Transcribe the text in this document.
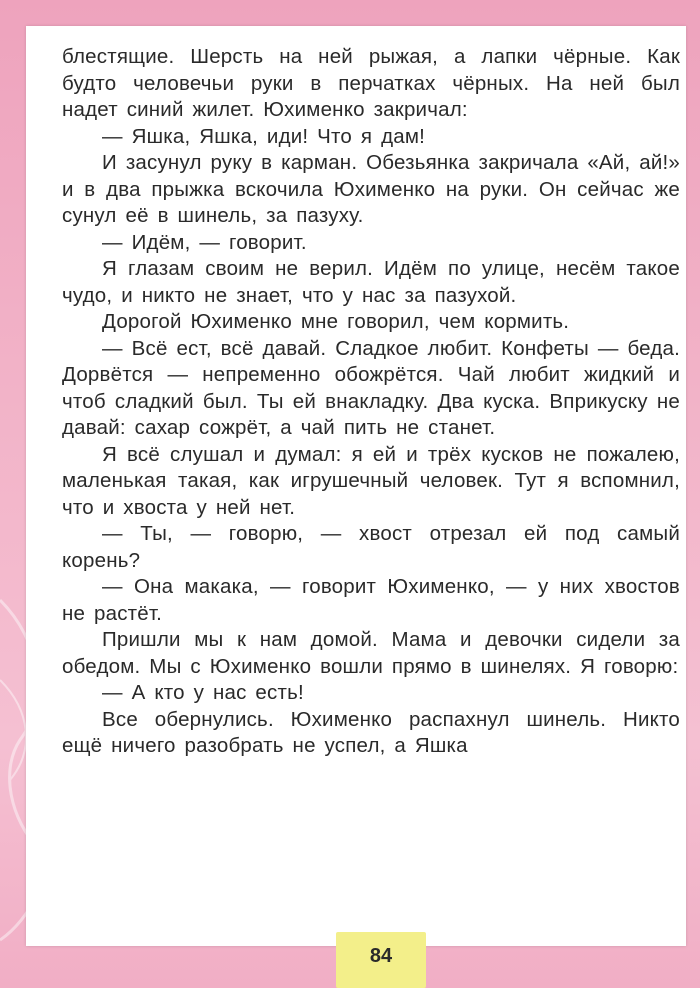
блестящие. Шерсть на ней рыжая, а лапки чёрные. Как будто человечьи руки в перчатках чёрных. На ней был надет синий жилет. Юхименко закричал:

— Яшка, Яшка, иди! Что я дам!

И засунул руку в карман. Обезьянка закричала «Ай, ай!» и в два прыжка вскочила Юхименко на руки. Он сейчас же сунул её в шинель, за пазуху.

— Идём, — говорит.

Я глазам своим не верил. Идём по улице, несём такое чудо, и никто не знает, что у нас за пазухой.

Дорогой Юхименко мне говорил, чем кормить.

— Всё ест, всё давай. Сладкое любит. Конфеты — беда. Дорвётся — непременно обожрётся. Чай любит жидкий и чтоб сладкий был. Ты ей внакладку. Два куска. Вприкуску не давай: сахар сожрёт, а чай пить не станет.

Я всё слушал и думал: я ей и трёх кусков не пожалею, маленькая такая, как игрушечный человек. Тут я вспомнил, что и хвоста у ней нет.

— Ты, — говорю, — хвост отрезал ей под самый корень?

— Она макака, — говорит Юхименко, — у них хвостов не растёт.

Пришли мы к нам домой. Мама и девочки сидели за обедом. Мы с Юхименко вошли прямо в шинелях. Я говорю:

— А кто у нас есть!

Все обернулись. Юхименко распахнул шинель. Никто ещё ничего разобрать не успел, а Яшка

84
